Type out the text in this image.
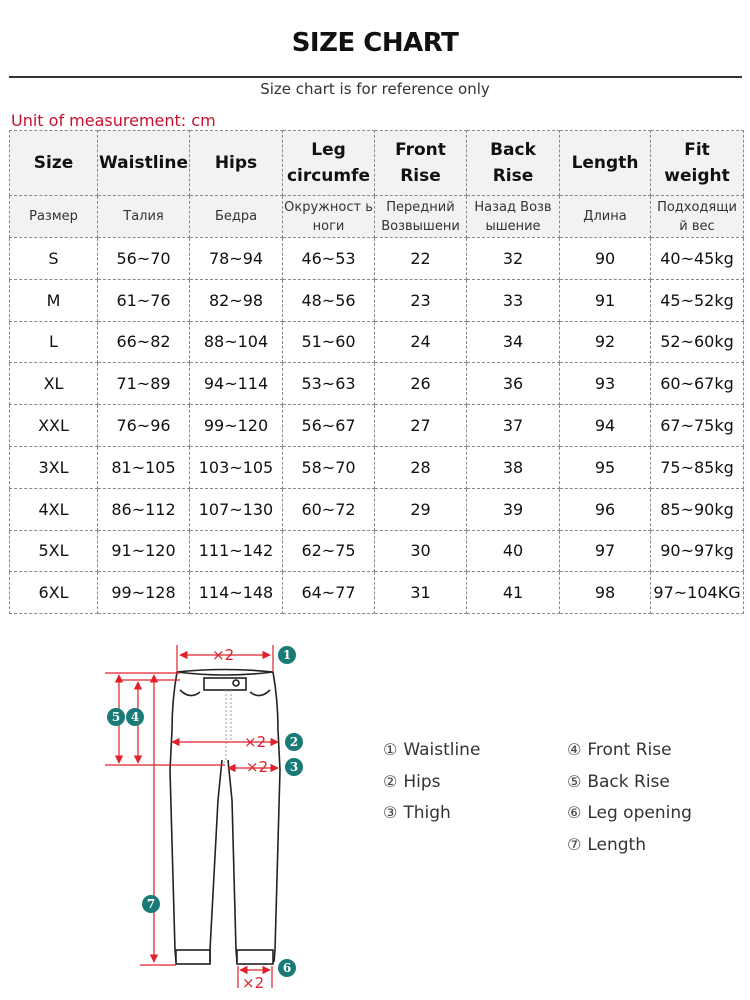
SIZE CHART
Size chart is for reference only
Unit of measurement: cm
Size	Waistline	Hips	Leg circumfe	Front Rise	Back Rise	Length	Fit weight
Размер	Талия	Бедра	Окружност ь ноги	Передний Возвышени	Назад Возв ышение	Длина	Подходящи й вес
S	56~70	78~94	46~53	22	32	90	40~45kg
M	61~76	82~98	48~56	23	33	91	45~52kg
L	66~82	88~104	51~60	24	34	92	52~60kg
XL	71~89	94~114	53~63	26	36	93	60~67kg
XXL	76~96	99~120	56~67	27	37	94	67~75kg
3XL	81~105	103~105	58~70	28	38	95	75~85kg
4XL	86~112	107~130	60~72	29	39	96	85~90kg
5XL	91~120	111~142	62~75	30	40	97	90~97kg
6XL	99~128	114~148	64~77	31	41	98	97~104KG
×2
×2
×2
×2
1
2
3
4
5
6
7
① Waistline
② Hips
③ Thigh
④ Front Rise
⑤ Back Rise
⑥ Leg opening
⑦ Length
